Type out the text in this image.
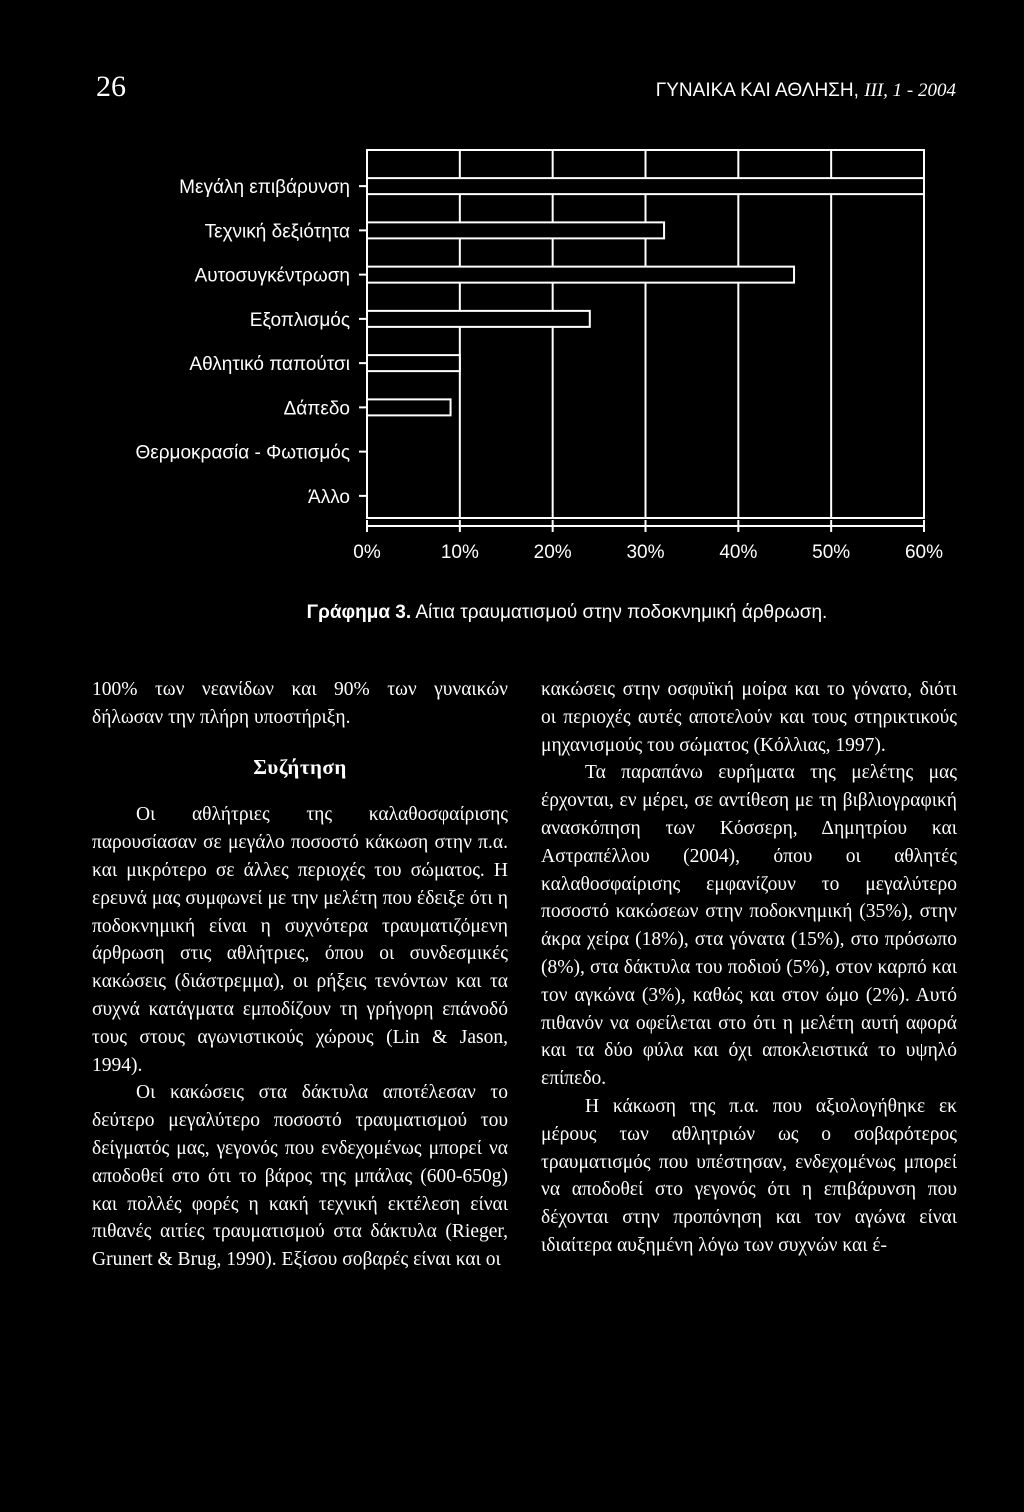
26	ΓΥΝΑΙΚΑ ΚΑΙ ΑΘΛΗΣΗ, III, 1 - 2004
Μεγάλη επιβάρυνση
Τεχνική δεξιότητα
Αυτοσυγκέντρωση
Εξοπλισμός
Αθλητικό παπούτσι
Δάπεδο
Θερμοκρασία - Φωτισμός
Άλλο
0%	10%	20%	30%	40%	50%	60%
Γράφημα 3. Αίτια τραυματισμού στην ποδοκνημική άρθρωση.

100% των νεανίδων και 90% των γυναικών δήλωσαν την πλήρη υποστήριξη.

Συζήτηση

Οι αθλήτριες της καλαθοσφαίρισης παρουσίασαν σε μεγάλο ποσοστό κάκωση στην π.α. και μικρότερο σε άλλες περιοχές του σώματος. Η ερευνά μας συμφωνεί με την μελέτη που έδειξε ότι η ποδοκνημική είναι η συχνότερα τραυματιζόμενη άρθρωση στις αθλήτριες, όπου οι συνδεσμικές κακώσεις (διάστρεμμα), οι ρήξεις τενόντων και τα συχνά κατάγματα εμποδίζουν τη γρήγορη επάνοδό τους στους αγωνιστικούς χώρους (Lin & Jason, 1994).

Οι κακώσεις στα δάκτυλα αποτέλεσαν το δεύτερο μεγαλύτερο ποσοστό τραυματισμού του δείγματός μας, γεγονός που ενδεχομένως μπορεί να αποδοθεί στο ότι το βάρος της μπάλας (600-650g) και πολλές φορές η κακή τεχνική εκτέλεση είναι πιθανές αιτίες τραυματισμού στα δάκτυλα (Rieger, Grunert & Brug, 1990). Εξίσου σοβαρές είναι και οι

κακώσεις στην οσφυϊκή μοίρα και το γόνατο, διότι οι περιοχές αυτές αποτελούν και τους στηρικτικούς μηχανισμούς του σώματος (Κόλλιας, 1997).

Τα παραπάνω ευρήματα της μελέτης μας έρχονται, εν μέρει, σε αντίθεση με τη βιβλιογραφική ανασκόπηση των Κόσσερη, Δημητρίου και Αστραπέλλου (2004), όπου οι αθλητές καλαθοσφαίρισης εμφανίζουν το μεγαλύτερο ποσοστό κακώσεων στην ποδοκνημική (35%), στην άκρα χείρα (18%), στα γόνατα (15%), στο πρόσωπο (8%), στα δάκτυλα του ποδιού (5%), στον καρπό και τον αγκώνα (3%), καθώς και στον ώμο (2%). Αυτό πιθανόν να οφείλεται στο ότι η μελέτη αυτή αφορά και τα δύο φύλα και όχι αποκλειστικά το υψηλό επίπεδο.

Η κάκωση της π.α. που αξιολογήθηκε εκ μέρους των αθλητριών ως ο σοβαρότερος τραυματισμός που υπέστησαν, ενδεχομένως μπορεί να αποδοθεί στο γεγονός ότι η επιβάρυνση που δέχονται στην προπόνηση και τον αγώνα είναι ιδιαίτερα αυξημένη λόγω των συχνών και έ-
